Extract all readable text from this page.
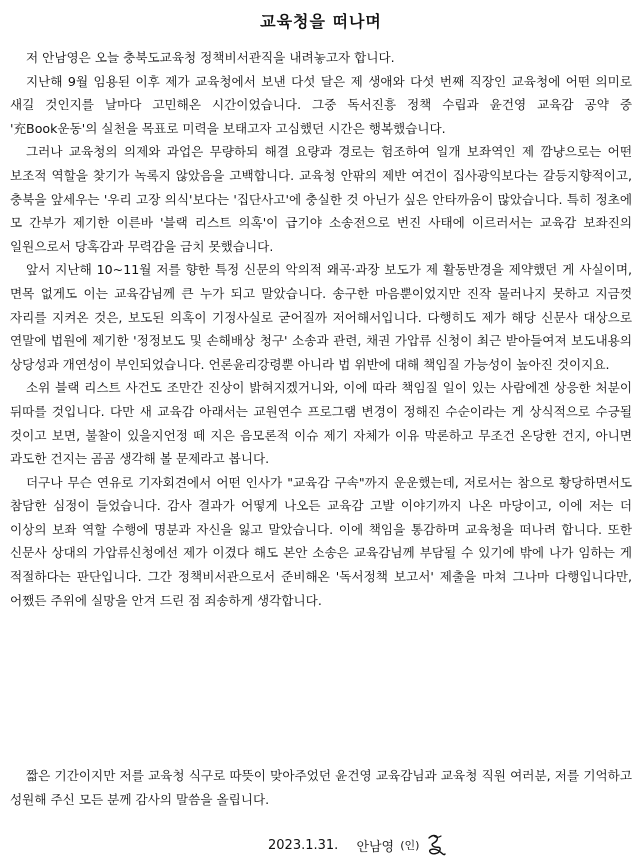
교육청을 떠나며

저 안남영은 오늘 충북도교육청 정책비서관직을 내려놓고자 합니다.

지난해 9월 임용된 이후 제가 교육청에서 보낸 다섯 달은 제 생애와 다섯 번째 직장인 교육청에 어떤 의미로 새길 것인지를 날마다 고민해온 시간이었습니다. 그중 독서진흥 정책 수립과 윤건영 교육감 공약 중 '充Book운동'의 실천을 목표로 미력을 보태고자 고심했던 시간은 행복했습니다.

그러나 교육청의 의제와 과업은 무량하되 해결 요량과 경로는 험조하여 일개 보좌역인 제 깜냥으로는 어떤 보조적 역할을 찾기가 녹록지 않았음을 고백합니다. 교육청 안팎의 제반 여건이 집사광익보다는 갈등지향적이고, 충북을 앞세우는 '우리 고장 의식'보다는 '집단사고'에 충실한 것 아닌가 싶은 안타까움이 많았습니다. 특히 정초에 모 간부가 제기한 이른바 '블랙 리스트 의혹'이 급기야 소송전으로 번진 사태에 이르러서는 교육감 보좌진의 일원으로서 당혹감과 무력감을 금치 못했습니다.

앞서 지난해 10~11월 저를 향한 특정 신문의 악의적 왜곡·과장 보도가 제 활동반경을 제약했던 게 사실이며, 면목 없게도 이는 교육감님께 큰 누가 되고 말았습니다. 송구한 마음뿐이었지만 진작 물러나지 못하고 지금껏 자리를 지켜온 것은, 보도된 의혹이 기정사실로 굳어질까 저어해서입니다. 다행히도 제가 해당 신문사 대상으로 연말에 법원에 제기한 '정정보도 및 손해배상 청구' 소송과 관련, 채권 가압류 신청이 최근 받아들여져 보도내용의 상당성과 개연성이 부인되었습니다. 언론윤리강령뿐 아니라 법 위반에 대해 책임질 가능성이 높아진 것이지요.

소위 블랙 리스트 사건도 조만간 진상이 밝혀지겠거니와, 이에 따라 책임질 일이 있는 사람에겐 상응한 처분이 뒤따를 것입니다. 다만 새 교육감 아래서는 교원연수 프로그램 변경이 정해진 수순이라는 게 상식적으로 수긍될 것이고 보면, 불찰이 있을지언정 떼 지은 음모론적 이슈 제기 자체가 이유 막론하고 무조건 온당한 건지, 아니면 과도한 건지는 곰곰 생각해 볼 문제라고 봅니다.

더구나 무슨 연유로 기자회견에서 어떤 인사가 "교육감 구속"까지 운운했는데, 저로서는 참으로 황당하면서도 참담한 심정이 들었습니다. 감사 결과가 어떻게 나오든 교육감 고발 이야기까지 나온 마당이고, 이에 저는 더 이상의 보좌 역할 수행에 명분과 자신을 잃고 말았습니다. 이에 책임을 통감하며 교육청을 떠나려 합니다. 또한 신문사 상대의 가압류신청에선 제가 이겼다 해도 본안 소송은 교육감님께 부담될 수 있기에 밖에 나가 임하는 게 적절하다는 판단입니다. 그간 정책비서관으로서 준비해온 '독서정책 보고서' 제출을 마쳐 그나마 다행입니다만, 어쨌든 주위에 실망을 안겨 드린 점 죄송하게 생각합니다.

짧은 기간이지만 저를 교육청 식구로 따뜻이 맞아주었던 윤건영 교육감님과 교육청 직원 여러분, 저를 기억하고 성원해 주신 모든 분께 감사의 말씀을 올립니다.

2023.1.31. 안남영 (인)
